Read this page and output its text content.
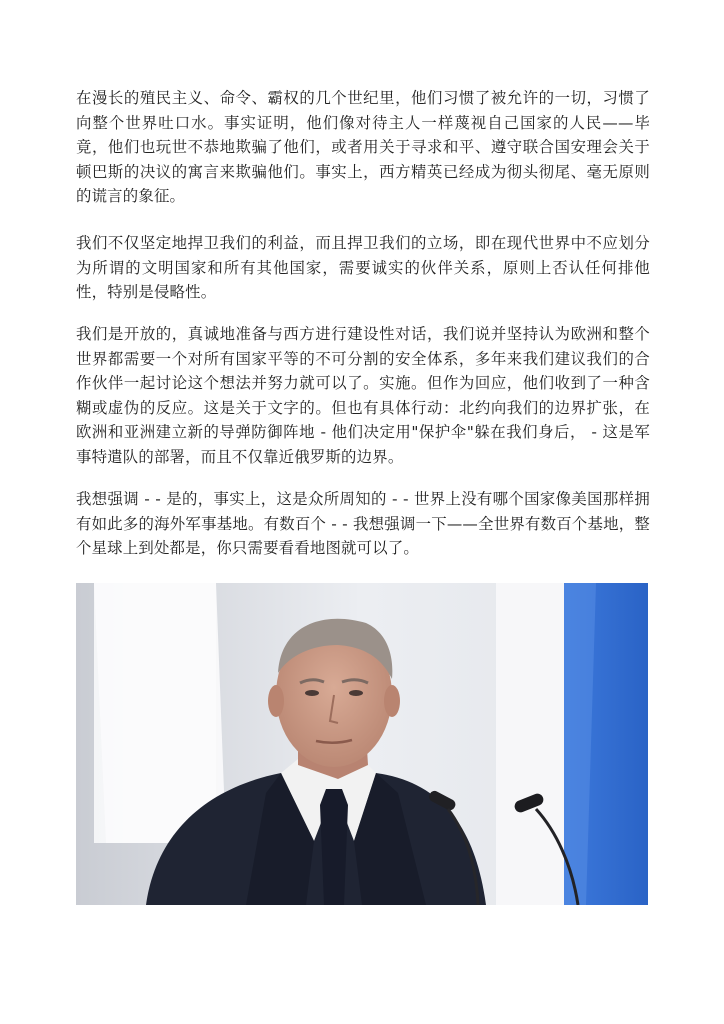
在漫长的殖民主义、命令、霸权的几个世纪里，他们习惯了被允许的一切，习惯了向整个世界吐口水。事实证明，他们像对待主人一样蔑视自己国家的人民——毕竟，他们也玩世不恭地欺骗了他们，或者用关于寻求和平、遵守联合国安理会关于顿巴斯的决议的寓言来欺骗他们。事实上，西方精英已经成为彻头彻尾、毫无原则的谎言的象征。

我们不仅坚定地捍卫我们的利益，而且捍卫我们的立场，即在现代世界中不应划分为所谓的文明国家和所有其他国家，需要诚实的伙伴关系，原则上否认任何排他性，特别是侵略性。

我们是开放的，真诚地准备与西方进行建设性对话，我们说并坚持认为欧洲和整个世界都需要一个对所有国家平等的不可分割的安全体系，多年来我们建议我们的合作伙伴一起讨论这个想法并努力就可以了。实施。但作为回应，他们收到了一种含糊或虚伪的反应。这是关于文字的。但也有具体行动：北约向我们的边界扩张，在欧洲和亚洲建立新的导弹防御阵地 - 他们决定用"保护伞"躲在我们身后， - 这是军事特遣队的部署，而且不仅靠近俄罗斯的边界。

我想强调 - - 是的，事实上，这是众所周知的 - - 世界上没有哪个国家像美国那样拥有如此多的海外军事基地。有数百个 - - 我想强调一下——全世界有数百个基地，整个星球上到处都是，你只需要看看地图就可以了。
